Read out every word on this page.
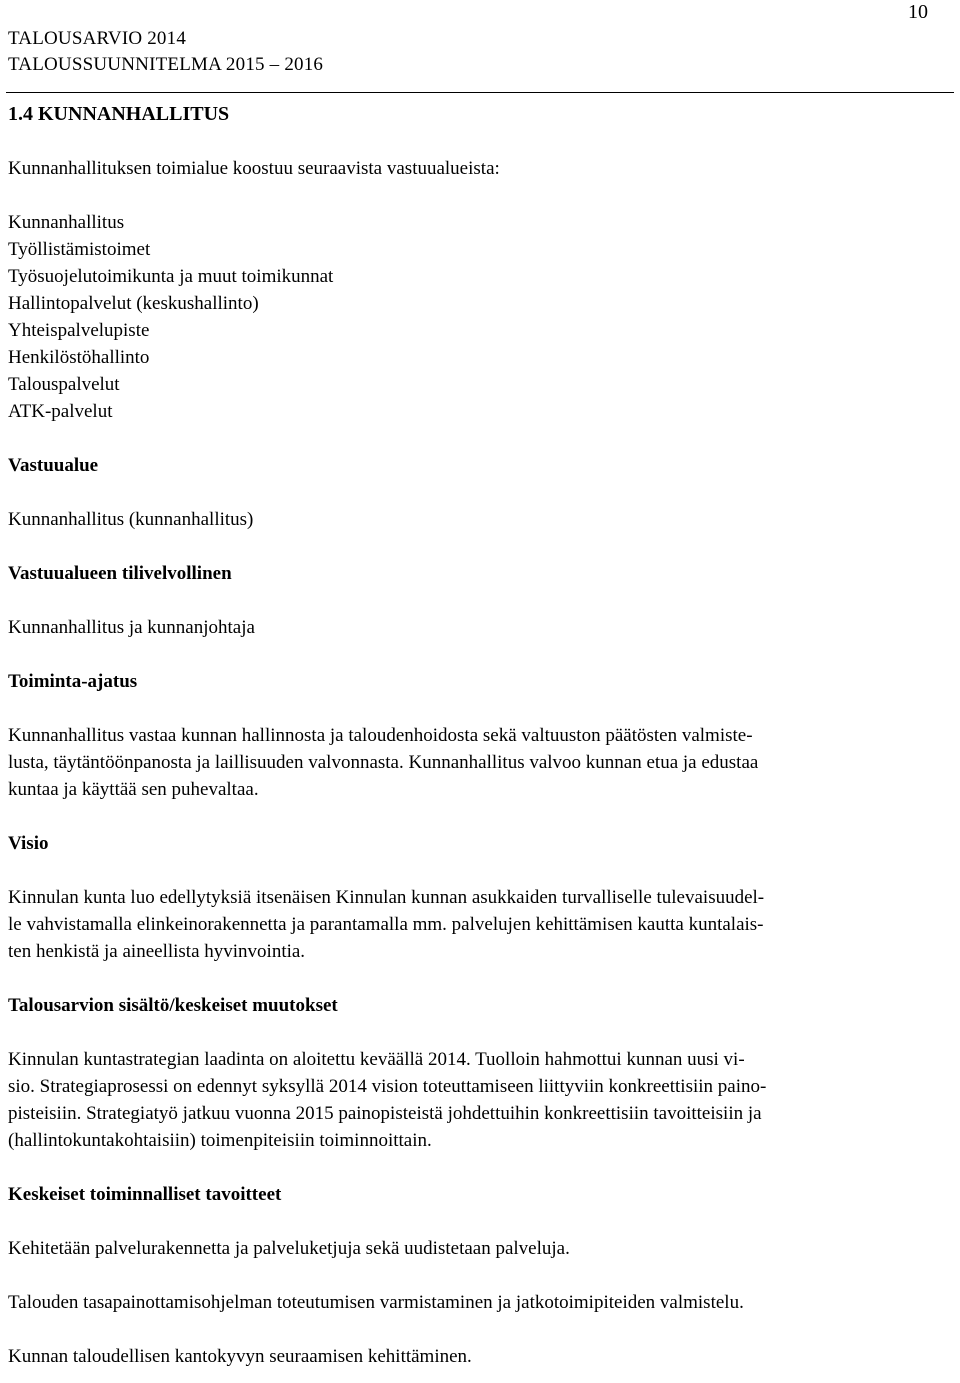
10
TALOUSARVIO 2014
TALOUSSUUNNITELMA 2015 – 2016
1.4 KUNNANHALLITUS

Kunnanhallituksen toimialue koostuu seuraavista vastuualueista:

Kunnanhallitus
Työllistämistoimet
Työsuojelutoimikunta ja muut toimikunnat
Hallintopalvelut (keskushallinto)
Yhteispalvelupiste
Henkilöstöhallinto
Talouspalvelut
ATK-palvelut

Vastuualue

Kunnanhallitus (kunnanhallitus)

Vastuualueen tilivelvollinen

Kunnanhallitus ja kunnanjohtaja

Toiminta-ajatus

Kunnanhallitus vastaa kunnan hallinnosta ja taloudenhoidosta sekä valtuuston päätösten valmiste-
lusta, täytäntöönpanosta ja laillisuuden valvonnasta. Kunnanhallitus valvoo kunnan etua ja edustaa
kuntaa ja käyttää sen puhevaltaa.

Visio

Kinnulan kunta luo edellytyksiä itsenäisen Kinnulan kunnan asukkaiden turvalliselle tulevaisuudel-
le vahvistamalla elinkeinorakennetta ja parantamalla mm. palvelujen kehittämisen kautta kuntalais-
ten henkistä ja aineellista hyvinvointia.

Talousarvion sisältö/keskeiset muutokset

Kinnulan kuntastrategian laadinta on aloitettu keväällä 2014. Tuolloin hahmottui kunnan uusi vi-
sio. Strategiaprosessi on edennyt syksyllä 2014 vision toteuttamiseen liittyviin konkreettisiin paino-
pisteisiin. Strategiatyö jatkuu vuonna 2015 painopisteistä johdettuihin konkreettisiin tavoitteisiin ja
(hallintokuntakohtaisiin) toimenpiteisiin toiminnoittain.

Keskeiset toiminnalliset tavoitteet

Kehitetään palvelurakennetta ja palveluketjuja sekä uudistetaan palveluja.

Talouden tasapainottamisohjelman toteutumisen varmistaminen ja jatkotoimipiteiden valmistelu.

Kunnan taloudellisen kantokyvyn seuraamisen kehittäminen.
